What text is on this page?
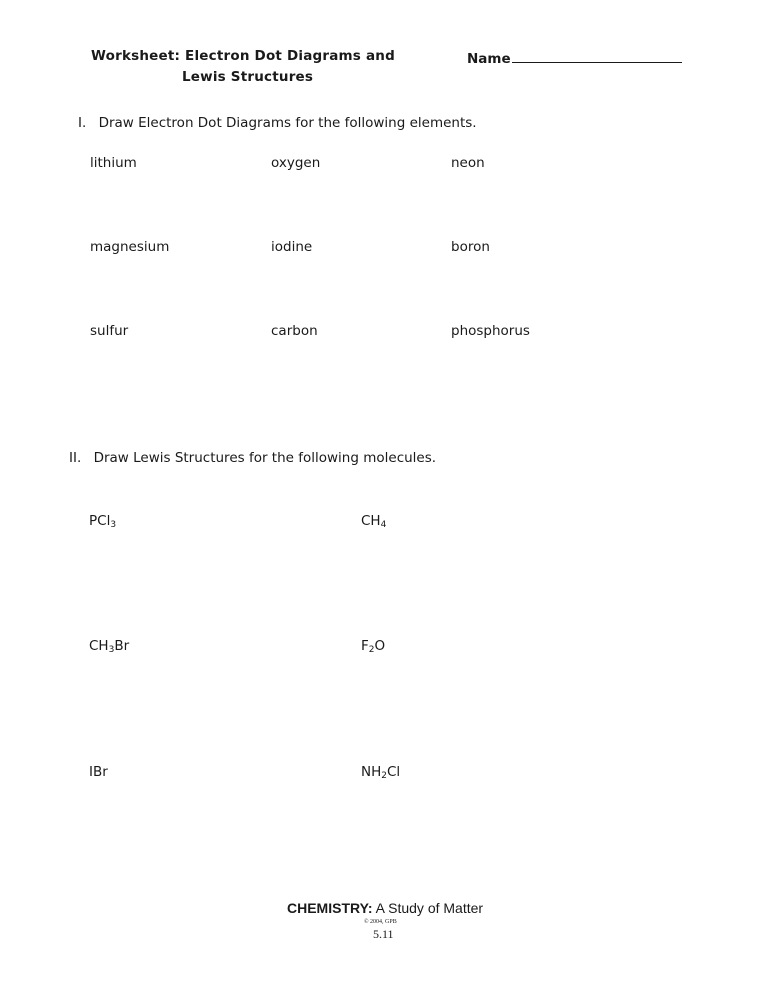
Worksheet: Electron Dot Diagrams and
Lewis Structures
Name
I. Draw Electron Dot Diagrams for the following elements.
lithium	oxygen	neon
magnesium	iodine	boron
sulfur	carbon	phosphorus
II. Draw Lewis Structures for the following molecules.
PCl$_3$	$CH_4$
$CH_3Br$	$F_2O$
IBr	$NH_2Cl$
CHEMISTRY: A Study of Matter
© 2004, GPB
5.11
